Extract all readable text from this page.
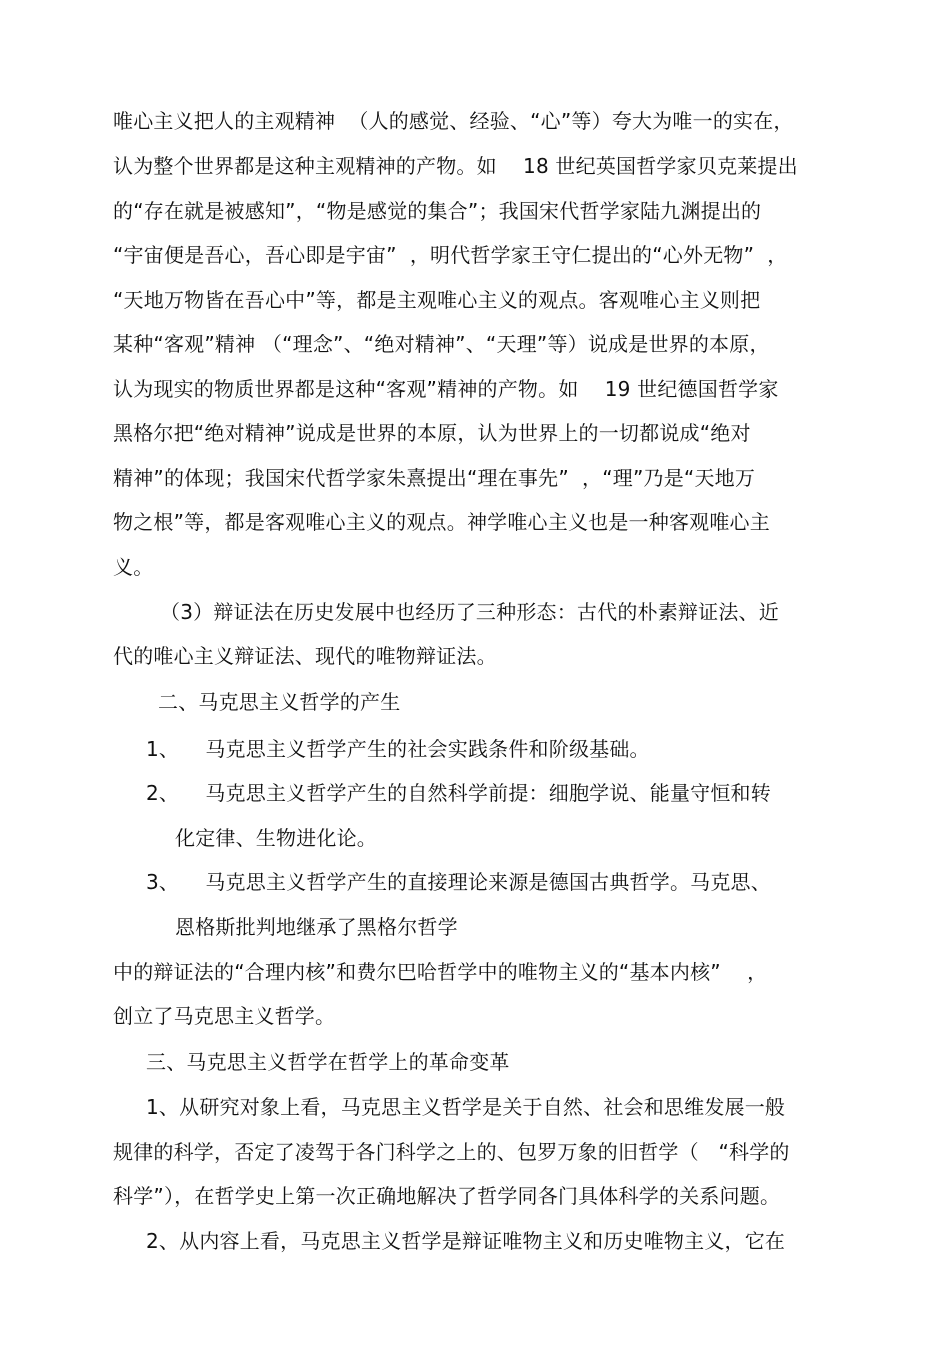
唯心主义把人的主观精神  （人的感觉、经验、“心”等）夸大为唯一的实在，
认为整个世界都是这种主观精神的产物。如    18 世纪英国哲学家贝克莱提出
的“存在就是被感知”，“物是感觉的集合”；我国宋代哲学家陆九渊提出的
“宇宙便是吾心，吾心即是宇宙”  ，明代哲学家王守仁提出的“心外无物”  ，
“天地万物皆在吾心中”等，都是主观唯心主义的观点。客观唯心主义则把
某种“客观”精神 （“理念”、“绝对精神”、“天理”等）说成是世界的本原，
认为现实的物质世界都是这种“客观”精神的产物。如    19 世纪德国哲学家
黑格尔把“绝对精神”说成是世界的本原，认为世界上的一切都说成“绝对
精神”的体现；我国宋代哲学家朱熹提出“理在事先”  ，“理”乃是“天地万
物之根”等，都是客观唯心主义的观点。神学唯心主义也是一种客观唯心主
义。
（3）辩证法在历史发展中也经历了三种形态：古代的朴素辩证法、近
代的唯心主义辩证法、现代的唯物辩证法。
二、马克思主义哲学的产生
1、    马克思主义哲学产生的社会实践条件和阶级基础。
2、    马克思主义哲学产生的自然科学前提：细胞学说、能量守恒和转
化定律、生物进化论。
3、    马克思主义哲学产生的直接理论来源是德国古典哲学。马克思、
恩格斯批判地继承了黑格尔哲学
中的辩证法的“合理内核”和费尔巴哈哲学中的唯物主义的“基本内核”    ，
创立了马克思主义哲学。
三、马克思主义哲学在哲学上的革命变革
1、从研究对象上看，马克思主义哲学是关于自然、社会和思维发展一般
规律的科学，否定了凌驾于各门科学之上的、包罗万象的旧哲学（   “科学的
科学”），在哲学史上第一次正确地解决了哲学同各门具体科学的关系问题。
2、从内容上看，马克思主义哲学是辩证唯物主义和历史唯物主义，它在
